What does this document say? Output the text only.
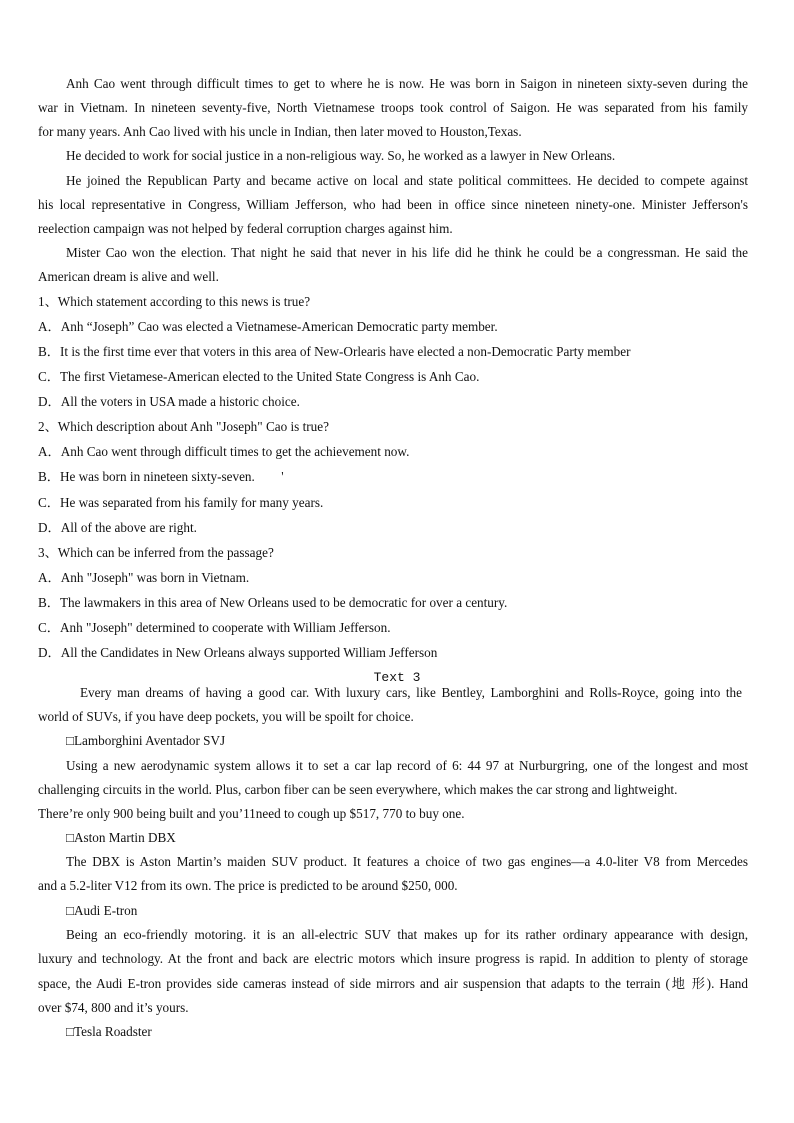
Anh Cao went through difficult times to get to where he is now. He was born in Saigon in nineteen sixty-seven during the
war in Vietnam. In nineteen seventy-five, North Vietnamese troops took control of Saigon. He was separated from his family
for many years. Anh Cao lived with his uncle in Indian, then later moved to Houston,Texas.
He decided to work for social justice in a non-religious way. So, he worked as a lawyer in New Orleans.
He joined the Republican Party and became active on local and state political committees. He decided to compete against
his local representative in Congress, William Jefferson, who had been in office since nineteen ninety-one. Minister Jefferson's
reelection campaign was not helped by federal corruption charges against him.
Mister Cao won the election. That night he said that never in his life did he think he could be a congressman. He said the
American dream is alive and well.
1、Which statement according to this news is true?
A．Anh “Joseph” Cao was elected a Vietnamese-American Democratic party member.
B．It is the first time ever that voters in this area of New-Orlearis have elected a non-Democratic Party member
C．The first Vietamese-American elected to the United State Congress is Anh Cao.
D．All the voters in USA made a historic choice.
2、Which description about Anh "Joseph" Cao is true?
A．Anh Cao went through difficult times to get the achievement now.
B．He was born in nineteen sixty-seven.        '
C．He was separated from his family for many years.
D．All of the above are right.
3、Which can be inferred from the passage?
A．Anh "Joseph" was born in Vietnam.
B．The lawmakers in this area of New Orleans used to be democratic for over a century.
C．Anh "Joseph" determined to cooperate with William Jefferson.
D．All the Candidates in New Orleans always supported William Jefferson
Text 3
Every man dreams of having a good car. With luxury cars, like Bentley, Lamborghini and Rolls-Royce, going into the
world of SUVs, if you have deep pockets, you will be spoilt for choice.
□Lamborghini Aventador SVJ
Using a new aerodynamic system allows it to set a car lap record of 6: 44 97 at Nurburgring, one of the longest and most
challenging circuits in the world. Plus, carbon fiber can be seen everywhere, which makes the car strong and lightweight.
There’re only 900 being built and you’11need to cough up $517, 770 to buy one.
□Aston Martin DBX
The DBX is Aston Martin’s maiden SUV product. It features a choice of two gas engines—a 4.0-liter V8 from Mercedes
and a 5.2-liter V12 from its own. The price is predicted to be around $250, 000.
□Audi E-tron
Being an eco-friendly motoring. it is an all-electric SUV that makes up for its rather ordinary appearance with design,
luxury and technology. At the front and back are electric motors which insure progress is rapid. In addition to plenty of storage
space, the Audi E-tron provides side cameras instead of side mirrors and air suspension that adapts to the terrain (地 形). Hand
over $74, 800 and it’s yours.
□Tesla Roadster
